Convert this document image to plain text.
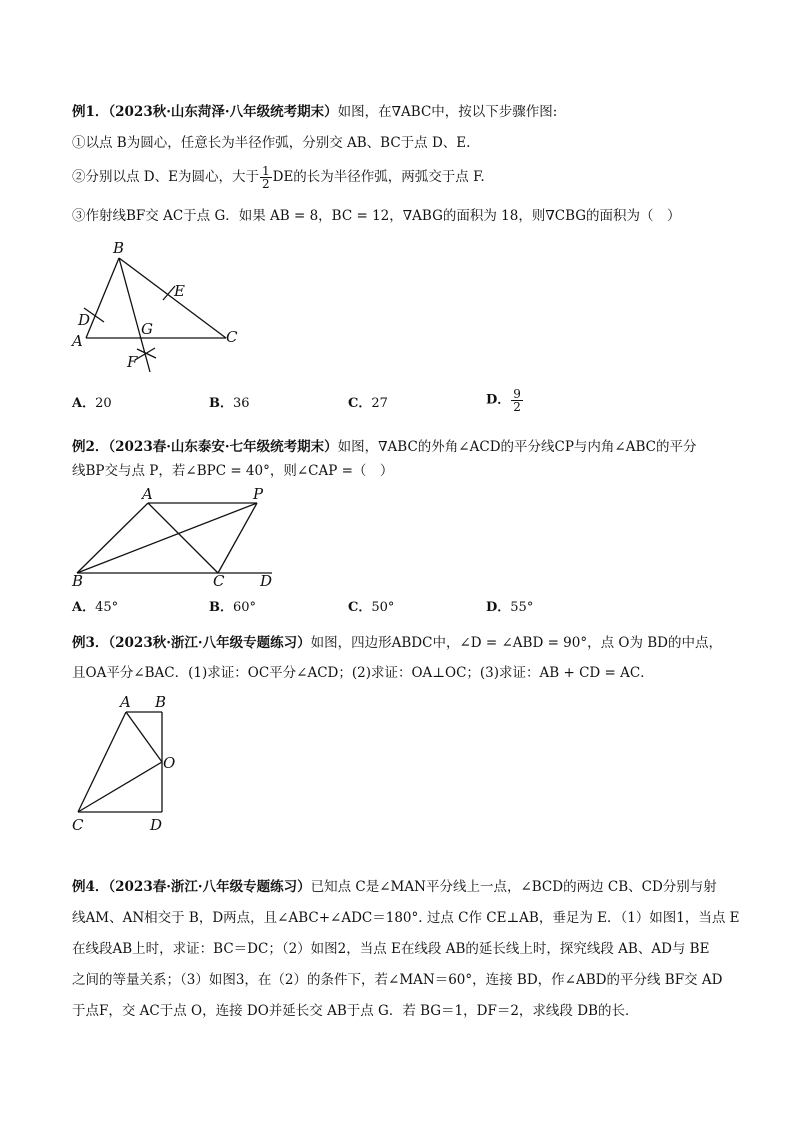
例1．（2023秋·山东菏泽·八年级统考期末）如图，在∇ABC中，按以下步骤作图:
①以点 B为圆心，任意长为半径作弧，分别交 AB、BC于点 D、E.
②分别以点 D、E为圆心，大于 $\frac{1}{2}$ DE的长为半径作弧，两弧交于点 F.
③作射线BF交 AC于点 G．如果 AB = 8，BC = 12，∇ABG的面积为 18，则∇CBG的面积为（　）
B
E
D	G
A	C
F
A．20	B．36	C．27	D． $\frac{9}{2}$
例2．（2023春·山东泰安·七年级统考期末）如图，∇ABC的外角∠ACD的平分线CP与内角∠ABC的平分
线BP交与点 P，若∠BPC = 40°，则∠CAP =（　）
A	P
B	C D
A．45°	B．60°	C．50°	D．55°
例3．（2023秋·浙江·八年级专题练习）如图，四边形ABDC中，∠D = ∠ABD = 90°，点 O为 BD的中点，
且OA平分∠BAC．(1)求证：OC平分∠ACD；(2)求证：OA⊥OC；(3)求证：AB + CD = AC．
A B
O
C	D
例4．（2023春·浙江·八年级专题练习）已知点 C是∠MAN平分线上一点，∠BCD的两边 CB、CD分别与射
线AM、AN相交于 B，D两点，且∠ABC+∠ADC＝180°. 过点 C作 CE⊥AB，垂足为 E．（1）如图1，当点 E
在线段AB上时，求证：BC＝DC；（2）如图2，当点 E在线段 AB的延长线上时，探究线段 AB、AD与 BE
之间的等量关系；（3）如图3，在（2）的条件下，若∠MAN＝60°，连接 BD，作∠ABD的平分线 BF交 AD
于点F，交 AC于点 O，连接 DO并延长交 AB于点 G．若 BG＝1，DF＝2，求线段 DB的长．
